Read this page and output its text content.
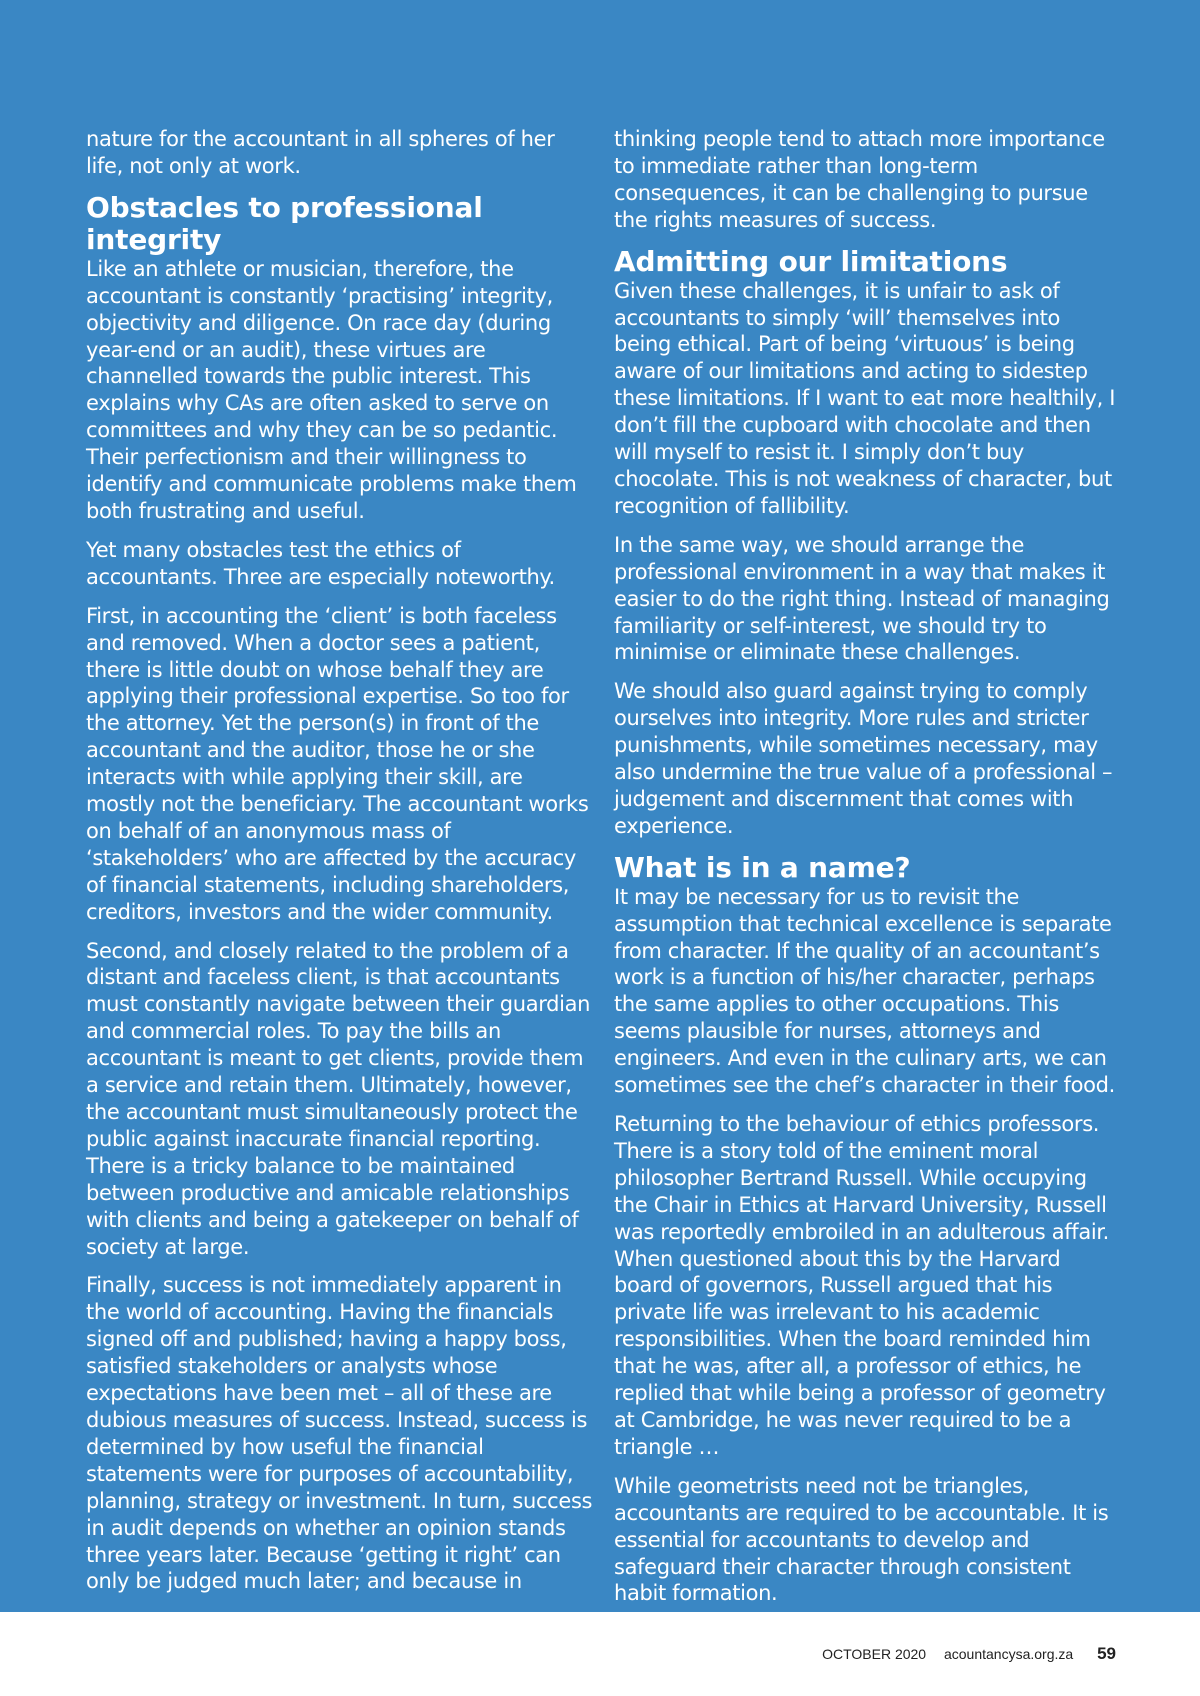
nature for the accountant in all spheres of her life, not only at work.

Obstacles to professional integrity

Like an athlete or musician, therefore, the accountant is constantly ‘practising’ integrity, objectivity and diligence. On race day (during year-end or an audit), these virtues are channelled towards the public interest. This explains why CAs are often asked to serve on committees and why they can be so pedantic. Their perfectionism and their willingness to identify and communicate problems make them both frustrating and useful.

Yet many obstacles test the ethics of accountants. Three are especially noteworthy.

First, in accounting the ‘client’ is both faceless and removed. When a doctor sees a patient, there is little doubt on whose behalf they are applying their professional expertise. So too for the attorney. Yet the person(s) in front of the accountant and the auditor, those he or she interacts with while applying their skill, are mostly not the beneficiary. The accountant works on behalf of an anonymous mass of ‘stakeholders’ who are affected by the accuracy of financial statements, including shareholders, creditors, investors and the wider community.

Second, and closely related to the problem of a distant and faceless client, is that accountants must constantly navigate between their guardian and commercial roles. To pay the bills an accountant is meant to get clients, provide them a service and retain them. Ultimately, however, the accountant must simultaneously protect the public against inaccurate financial reporting. There is a tricky balance to be maintained between productive and amicable relationships with clients and being a gatekeeper on behalf of society at large.

Finally, success is not immediately apparent in the world of accounting. Having the financials signed off and published; having a happy boss, satisfied stakeholders or analysts whose expectations have been met – all of these are dubious measures of success. Instead, success is determined by how useful the financial statements were for purposes of accountability, planning, strategy or investment. In turn, success in audit depends on whether an opinion stands three years later. Because ‘getting it right’ can only be judged much later; and because in

thinking people tend to attach more importance to immediate rather than long-term consequences, it can be challenging to pursue the rights measures of success.

Admitting our limitations

Given these challenges, it is unfair to ask of accountants to simply ‘will’ themselves into being ethical. Part of being ‘virtuous’ is being aware of our limitations and acting to sidestep these limitations. If I want to eat more healthily, I don’t fill the cupboard with chocolate and then will myself to resist it. I simply don’t buy chocolate. This is not weakness of character, but recognition of fallibility.

In the same way, we should arrange the professional environment in a way that makes it easier to do the right thing. Instead of managing familiarity or self-interest, we should try to minimise or eliminate these challenges.

We should also guard against trying to comply ourselves into integrity. More rules and stricter punishments, while sometimes necessary, may also undermine the true value of a professional – judgement and discernment that comes with experience.

What is in a name?

It may be necessary for us to revisit the assumption that technical excellence is separate from character. If the quality of an accountant’s work is a function of his/her character, perhaps the same applies to other occupations. This seems plausible for nurses, attorneys and engineers. And even in the culinary arts, we can sometimes see the chef’s character in their food.

Returning to the behaviour of ethics professors. There is a story told of the eminent moral philosopher Bertrand Russell. While occupying the Chair in Ethics at Harvard University, Russell was reportedly embroiled in an adulterous affair. When questioned about this by the Harvard board of governors, Russell argued that his private life was irrelevant to his academic responsibilities. When the board reminded him that he was, after all, a professor of ethics, he replied that while being a professor of geometry at Cambridge, he was never required to be a triangle …

While geometrists need not be triangles, accountants are required to be accountable. It is essential for accountants to develop and safeguard their character through consistent habit formation.

OCTOBER 2020 acountancysa.org.za 59
